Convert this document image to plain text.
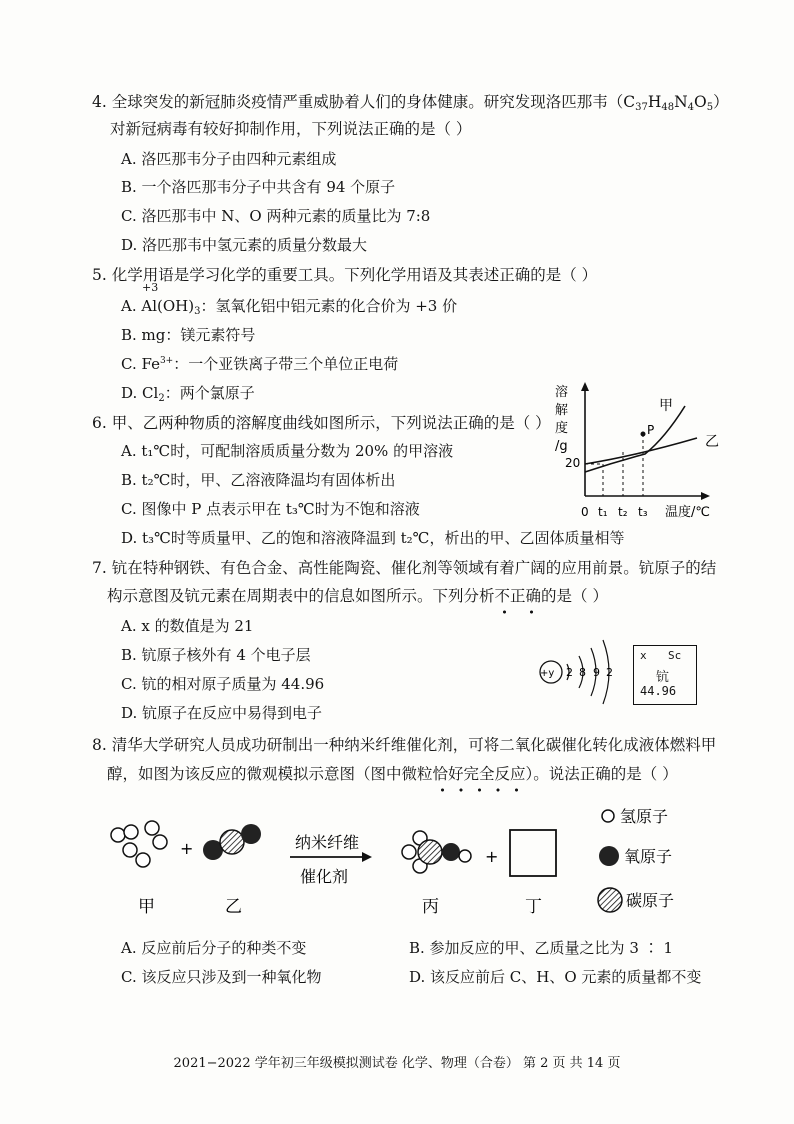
4. 全球突发的新冠肺炎疫情严重威胁着人们的身体健康。研究发现洛匹那韦（C37H48N4O5）
对新冠病毒有较好抑制作用，下列说法正确的是（ ）
A. 洛匹那韦分子由四种元素组成
B. 一个洛匹那韦分子中共含有 94 个原子
C. 洛匹那韦中 N、O 两种元素的质量比为 7:8
D. 洛匹那韦中氢元素的质量分数最大
5. 化学用语是学习化学的重要工具。下列化学用语及其表述正确的是（ ）
+3
A. $Al(OH)_3$：氢氧化铝中铝元素的化合价为 +3 价
B. mg：镁元素符号
C. $Fe^{3+}$：一个亚铁离子带三个单位正电荷
D. $Cl_2$：两个氯原子
6. 甲、乙两种物质的溶解度曲线如图所示，下列说法正确的是（ ）
A. t₁℃时，可配制溶质质量分数为 20% 的甲溶液
B. t₂℃时，甲、乙溶液降温均有固体析出
C. 图像中 P 点表示甲在 t₃℃时为不饱和溶液
D. t₃℃时等质量甲、乙的饱和溶液降温到 t₂℃，析出的甲、乙固体质量相等
溶
解
度
/g
20
甲
乙
P
0 t₁ t₂ t₃ 温度/℃
7. 钪在特种钢铁、有色合金、高性能陶瓷、催化剂等领域有着广阔的应用前景。钪原子的结
构示意图及钪元素在周期表中的信息如图所示。下列分析不正确的是（ ）
A. x 的数值是为 21
B. 钪原子核外有 4 个电子层
C. 钪的相对原子质量为 44.96
D. 钪原子在反应中易得到电子
+y 2 8 9 2
x Sc
钪
44.96
8. 清华大学研究人员成功研制出一种纳米纤维催化剂，可将二氧化碳催化转化成液体燃料甲
醇，如图为该反应的微观模拟示意图（图中微粒恰好完全反应）。说法正确的是（ ）
+	纳米纤维
催化剂
+
甲	乙	丙	丁
氢原子
氧原子
碳原子
A. 反应前后分子的种类不变	B. 参加反应的甲、乙质量之比为 3 ∶ 1
C. 该反应只涉及到一种氧化物	D. 该反应前后 C、H、O 元素的质量都不变
2021−2022 学年初三年级模拟测试卷 化学、物理（合卷） 第 2 页 共 14 页
